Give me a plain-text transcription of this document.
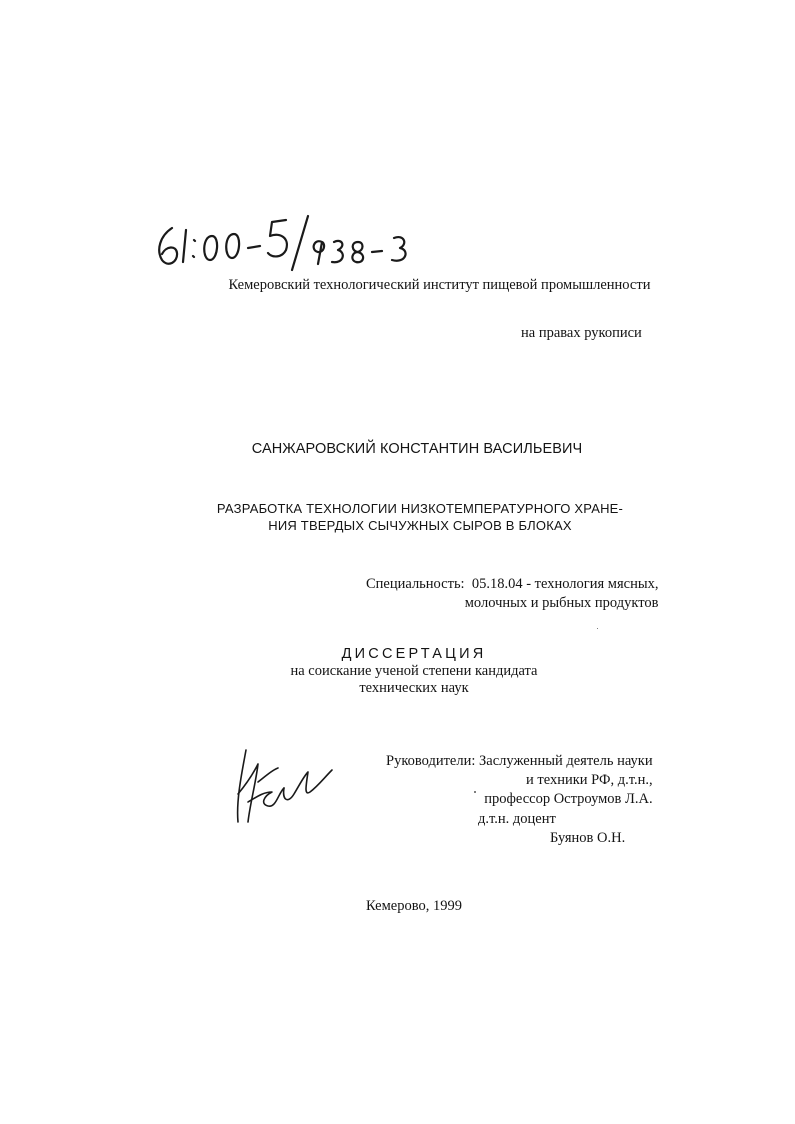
Кемеровский технологический институт пищевой промышленности
на правах рукописи
САНЖАРОВСКИЙ КОНСТАНТИН ВАСИЛЬЕВИЧ
РАЗРАБОТКА ТЕХНОЛОГИИ НИЗКОТЕМПЕРАТУРНОГО ХРАНЕ-
НИЯ ТВЕРДЫХ СЫЧУЖНЫХ СЫРОВ В БЛОКАХ
Специальность:  05.18.04 - технология мясных,
молочных и рыбных продуктов
ДИССЕРТАЦИЯ
на соискание ученой степени кандидата
технических наук
Руководители: Заслуженный деятель науки
и техники РФ, д.т.н.,
профессор Остроумов Л.А.
д.т.н. доцент
Буянов О.Н.
Кемерово, 1999
